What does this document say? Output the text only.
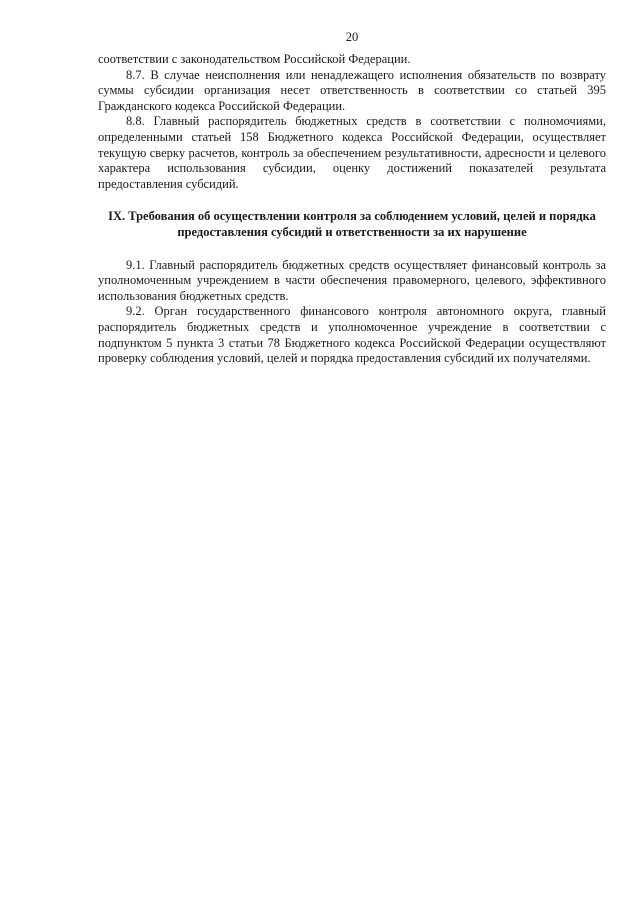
20

соответствии с законодательством Российской Федерации.

8.7. В случае неисполнения или ненадлежащего исполнения обязательств по возврату суммы субсидии организация несет ответственность в соответствии со статьей 395 Гражданского кодекса Российской Федерации.

8.8. Главный распорядитель бюджетных средств в соответствии с полномочиями, определенными статьей 158 Бюджетного кодекса Российской Федерации, осуществляет текущую сверку расчетов, контроль за обеспечением результативности, адресности и целевого характера использования субсидии, оценку достижений показателей результата предоставления субсидий.

IX. Требования об осуществлении контроля за соблюдением условий, целей и порядка предоставления субсидий и ответственности за их нарушение

9.1. Главный распорядитель бюджетных средств осуществляет финансовый контроль за уполномоченным учреждением в части обеспечения правомерного, целевого, эффективного использования бюджетных средств.

9.2. Орган государственного финансового контроля автономного округа, главный распорядитель бюджетных средств и уполномоченное учреждение в соответствии с подпунктом 5 пункта 3 статьи 78 Бюджетного кодекса Российской Федерации осуществляют проверку соблюдения условий, целей и порядка предоставления субсидий их получателями.
